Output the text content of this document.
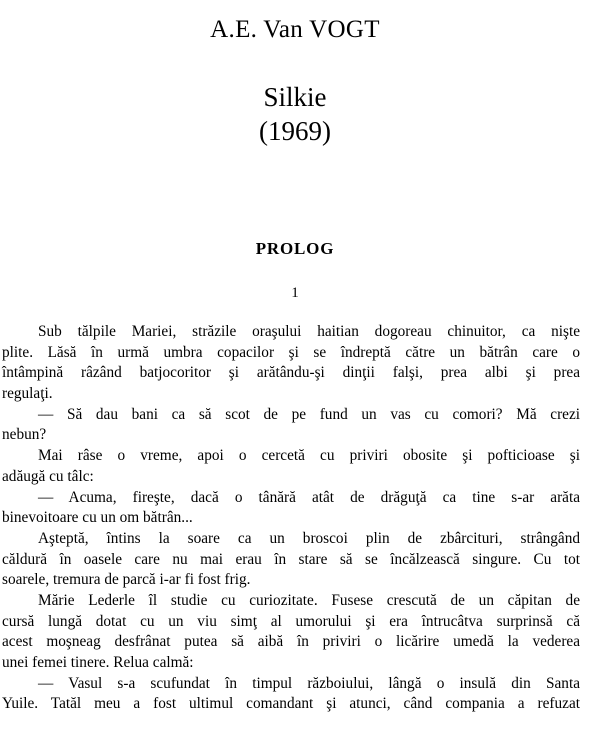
A.E. Van VOGT
Silkie
(1969)
PROLOG
1
Sub tălpile Mariei, străzile oraşului haitian dogoreau chinuitor, ca nişte
plite. Lăsă în urmă umbra copacilor şi se îndreptă către un bătrân care o
întâmpină râzând batjocoritor şi arătându-şi dinţii falşi, prea albi şi prea
regulaţi.
— Să dau bani ca să scot de pe fund un vas cu comori? Mă crezi
nebun?
Mai râse o vreme, apoi o cercetă cu priviri obosite şi pofticioase şi
adăugă cu tâlc:
— Acuma, fireşte, dacă o tânără atât de drăguţă ca tine s-ar arăta
binevoitoare cu un om bătrân...
Aşteptă, întins la soare ca un broscoi plin de zbârcituri, strângând
căldură în oasele care nu mai erau în stare să se încălzească singure. Cu tot
soarele, tremura de parcă i-ar fi fost frig.
Mărie Lederle îl studie cu curiozitate. Fusese crescută de un căpitan de
cursă lungă dotat cu un viu simţ al umorului şi era întrucâtva surprinsă că
acest moşneag desfrânat putea să aibă în priviri o licărire umedă la vederea
unei femei tinere. Relua calmă:
— Vasul s-a scufundat în timpul războiului, lângă o insulă din Santa
Yuile. Tatăl meu a fost ultimul comandant şi atunci, când compania a refuzat
